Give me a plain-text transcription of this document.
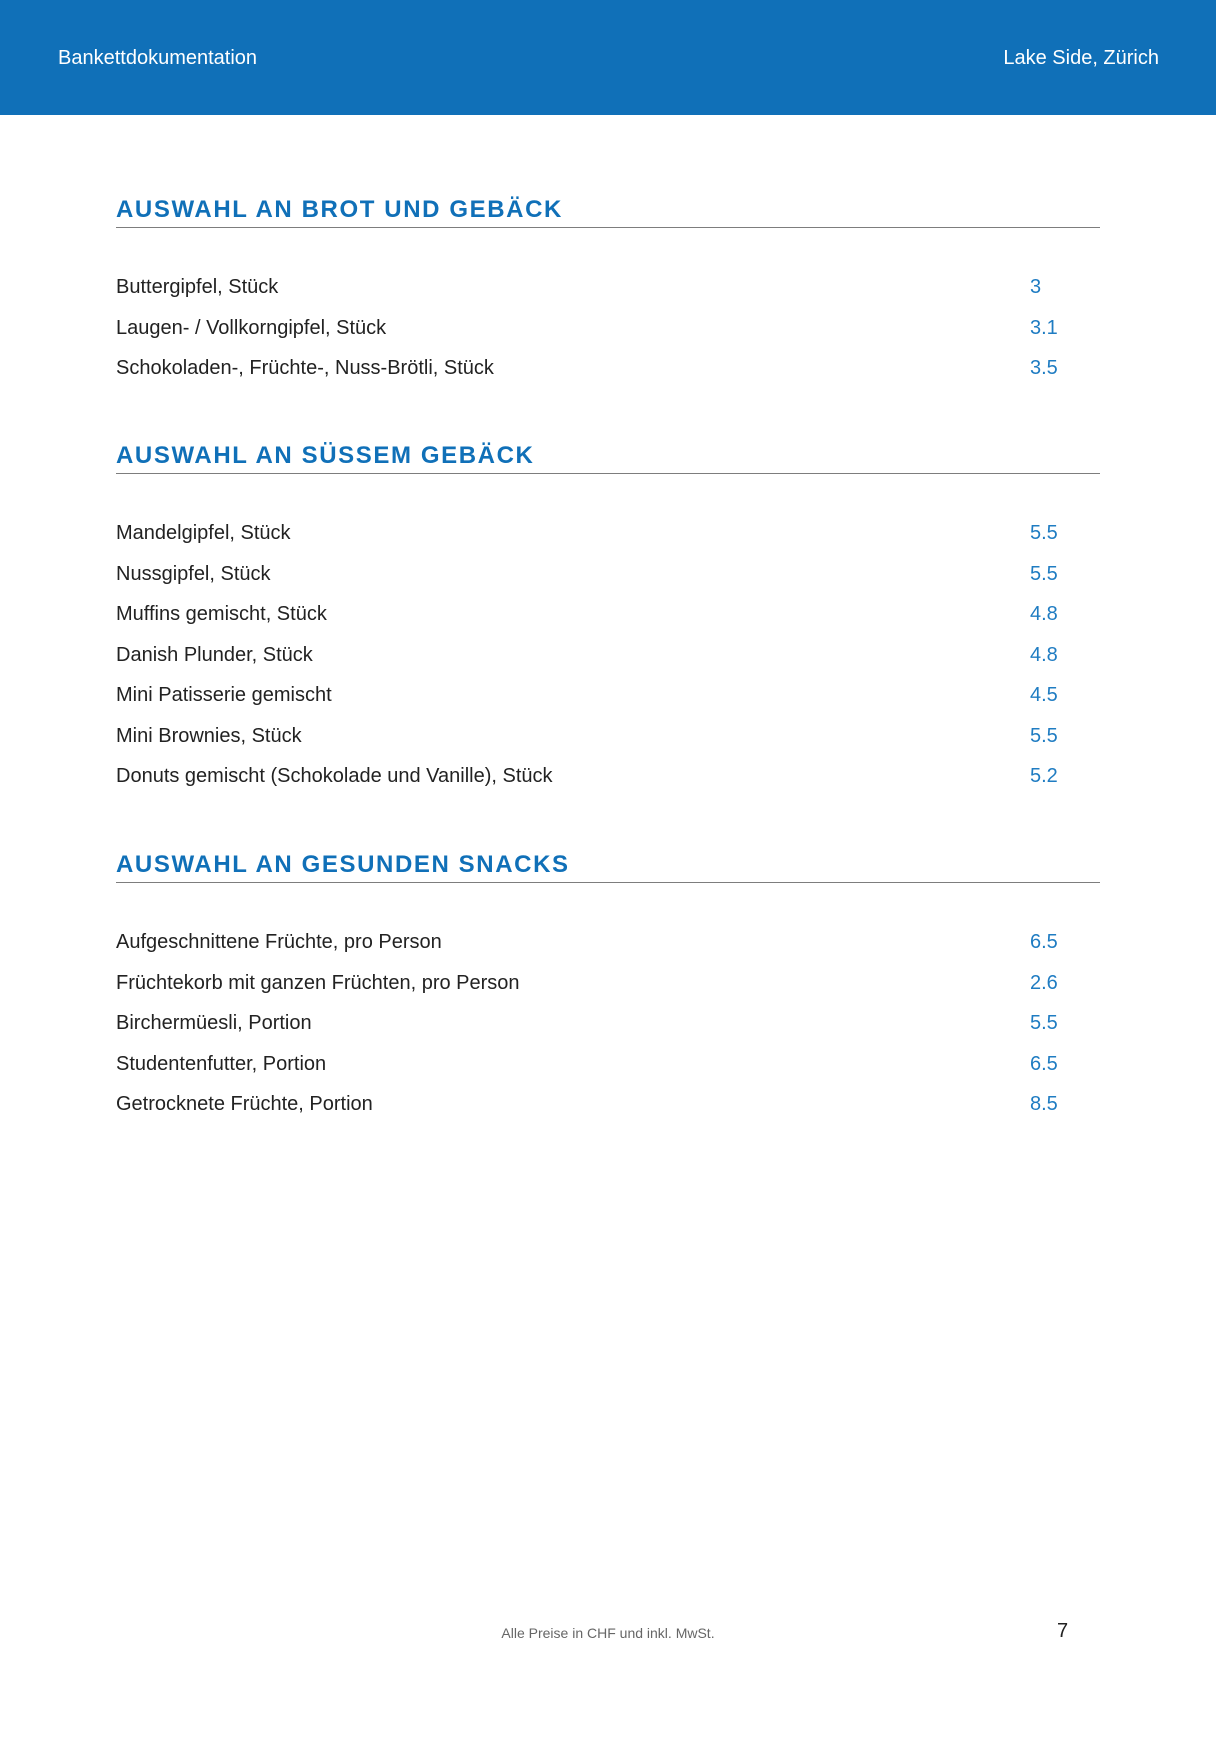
Bankettdokumentation	Lake Side, Zürich
AUSWAHL AN BROT UND GEBÄCK
Buttergipfel, Stück	3
Laugen- / Vollkorngipfel, Stück	3.1
Schokoladen-, Früchte-, Nuss-Brötli, Stück	3.5
AUSWAHL AN SÜSSEM GEBÄCK
Mandelgipfel, Stück	5.5
Nussgipfel, Stück	5.5
Muffins gemischt, Stück	4.8
Danish Plunder, Stück	4.8
Mini Patisserie gemischt	4.5
Mini Brownies, Stück	5.5
Donuts gemischt (Schokolade und Vanille), Stück	5.2
AUSWAHL AN GESUNDEN SNACKS
Aufgeschnittene Früchte, pro Person	6.5
Früchtekorb mit ganzen Früchten, pro Person	2.6
Birchermüesli, Portion	5.5
Studentenfutter, Portion	6.5
Getrocknete Früchte, Portion	8.5
Alle Preise in CHF und inkl. MwSt.	7
